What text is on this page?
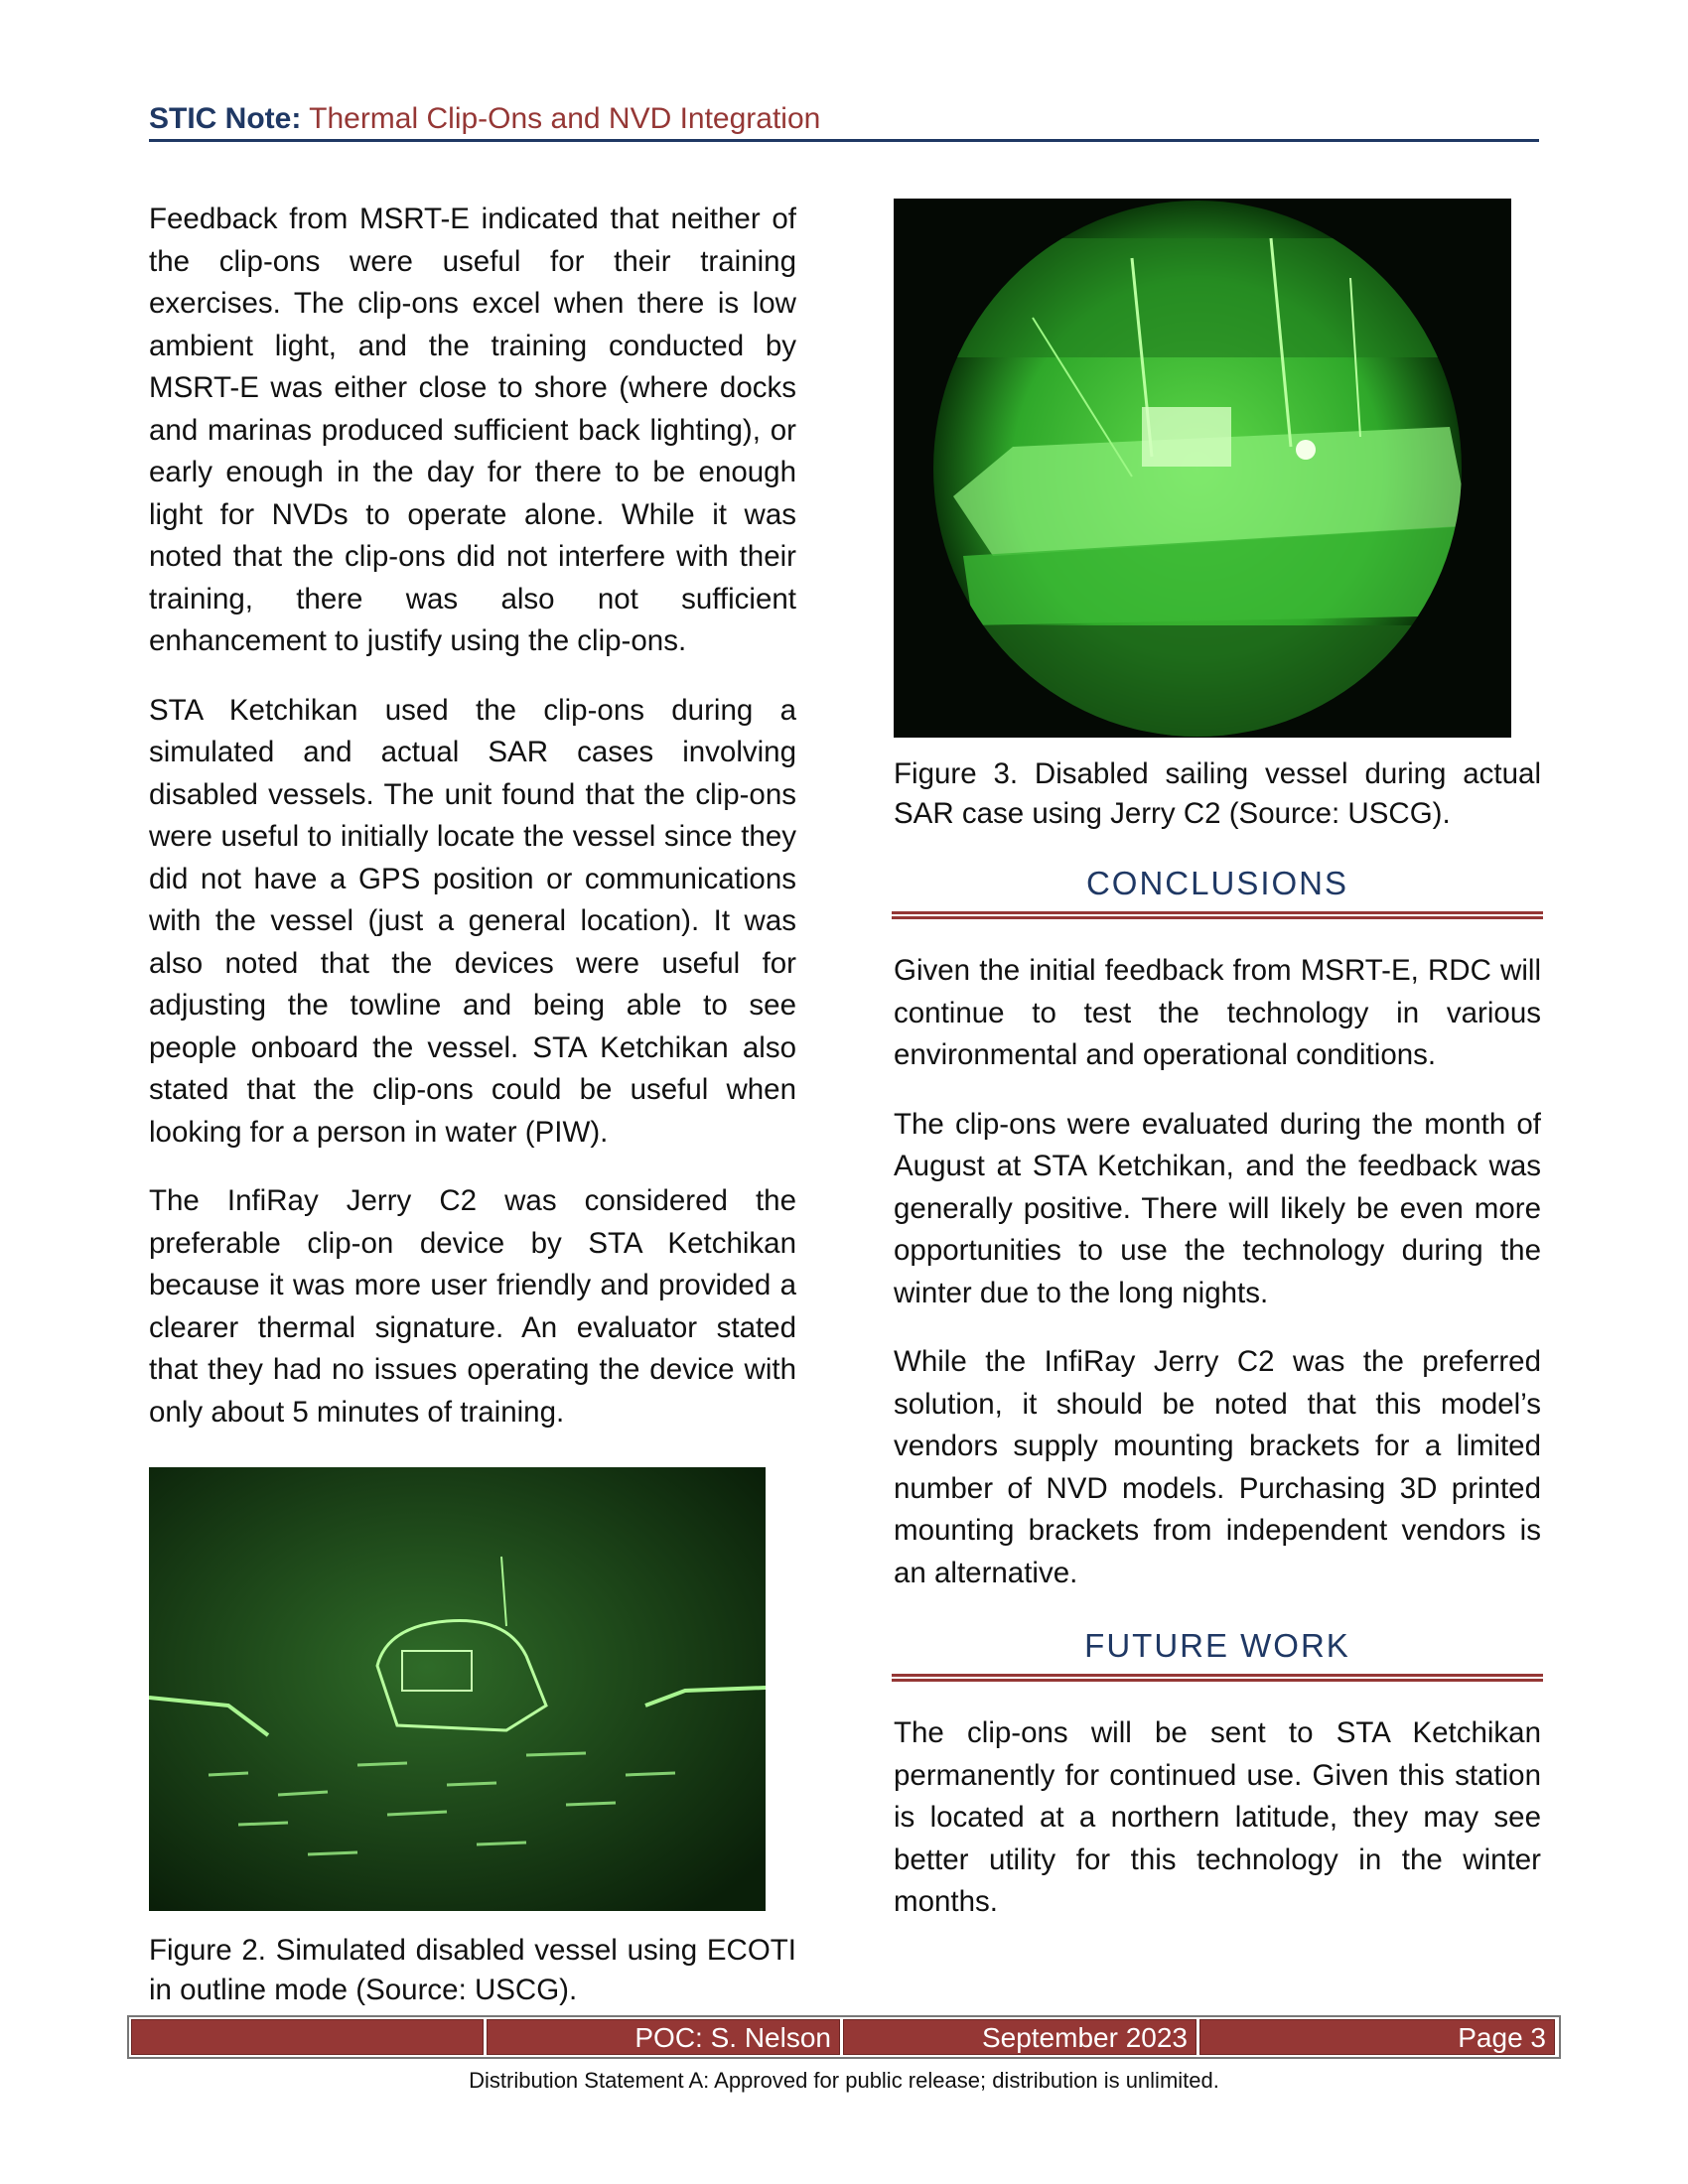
STIC Note: Thermal Clip-Ons and NVD Integration

Feedback from MSRT-E indicated that neither of the clip-ons were useful for their training exercises. The clip-ons excel when there is low ambient light, and the training conducted by MSRT-E was either close to shore (where docks and marinas produced sufficient back lighting), or early enough in the day for there to be enough light for NVDs to operate alone. While it was noted that the clip-ons did not interfere with their training, there was also not sufficient enhancement to justify using the clip-ons.

STA Ketchikan used the clip-ons during a simulated and actual SAR cases involving disabled vessels. The unit found that the clip-ons were useful to initially locate the vessel since they did not have a GPS position or communications with the vessel (just a general location). It was also noted that the devices were useful for adjusting the towline and being able to see people onboard the vessel. STA Ketchikan also stated that the clip-ons could be useful when looking for a person in water (PIW).

The InfiRay Jerry C2 was considered the preferable clip-on device by STA Ketchikan because it was more user friendly and provided a clearer thermal signature. An evaluator stated that they had no issues operating the device with only about 5 minutes of training.

Figure 3. Disabled sailing vessel during actual SAR case using Jerry C2 (Source: USCG).
CONCLUSIONS

Given the initial feedback from MSRT-E, RDC will continue to test the technology in various environmental and operational conditions.

The clip-ons were evaluated during the month of August at STA Ketchikan, and the feedback was generally positive. There will likely be even more opportunities to use the technology during the winter due to the long nights.

While the InfiRay Jerry C2 was the preferred solution, it should be noted that this model’s vendors supply mounting brackets for a limited number of NVD models. Purchasing 3D printed mounting brackets from independent vendors is an alternative.

FUTURE WORK

The clip-ons will be sent to STA Ketchikan permanently for continued use. Given this station is located at a northern latitude, they may see better utility for this technology in the winter months.

Figure 2. Simulated disabled vessel using ECOTI in outline mode (Source: USCG).
POC: S. Nelson	September 2023	Page 3
Distribution Statement A: Approved for public release; distribution is unlimited.
